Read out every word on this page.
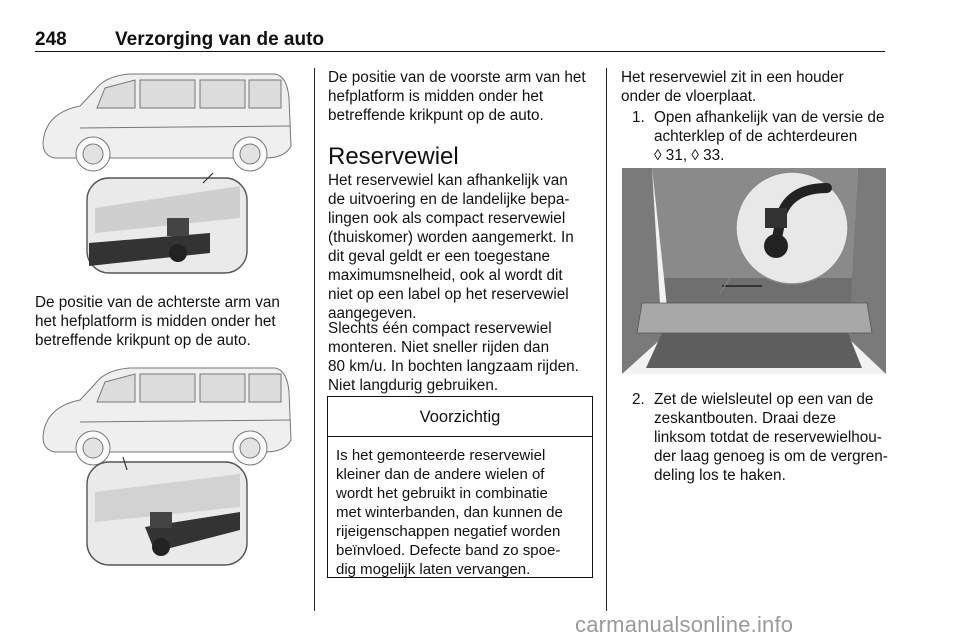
248	Verzorging van de auto
De positie van de achterste arm van
het hefplatform is midden onder het
betreffende krikpunt op de auto.
De positie van de voorste arm van het
hefplatform is midden onder het
betreffende krikpunt op de auto.
Reservewiel
Het reservewiel kan afhankelijk van
de uitvoering en de landelijke bepa-
lingen ook als compact reservewiel
(thuiskomer) worden aangemerkt. In
dit geval geldt er een toegestane
maximumsnelheid, ook al wordt dit
niet op een label op het reservewiel
aangegeven.
Slechts één compact reservewiel
monteren. Niet sneller rijden dan
80 km/u. In bochten langzaam rijden.
Niet langdurig gebruiken.
Voorzichtig
Is het gemonteerde reservewiel
kleiner dan de andere wielen of
wordt het gebruikt in combinatie
met winterbanden, dan kunnen de
rijeigenschappen negatief worden
beïnvloed. Defecte band zo spoe-
dig mogelijk laten vervangen.
Het reservewiel zit in een houder
onder de vloerplaat.
1. Open afhankelijk van de versie de
achterklep of de achterdeuren
◊ 31, ◊ 33.
2. Zet de wielsleutel op een van de
zeskantbouten. Draai deze
linksom totdat de reservewielhou-
der laag genoeg is om de vergren-
deling los te haken.
carmanualsonline.info
